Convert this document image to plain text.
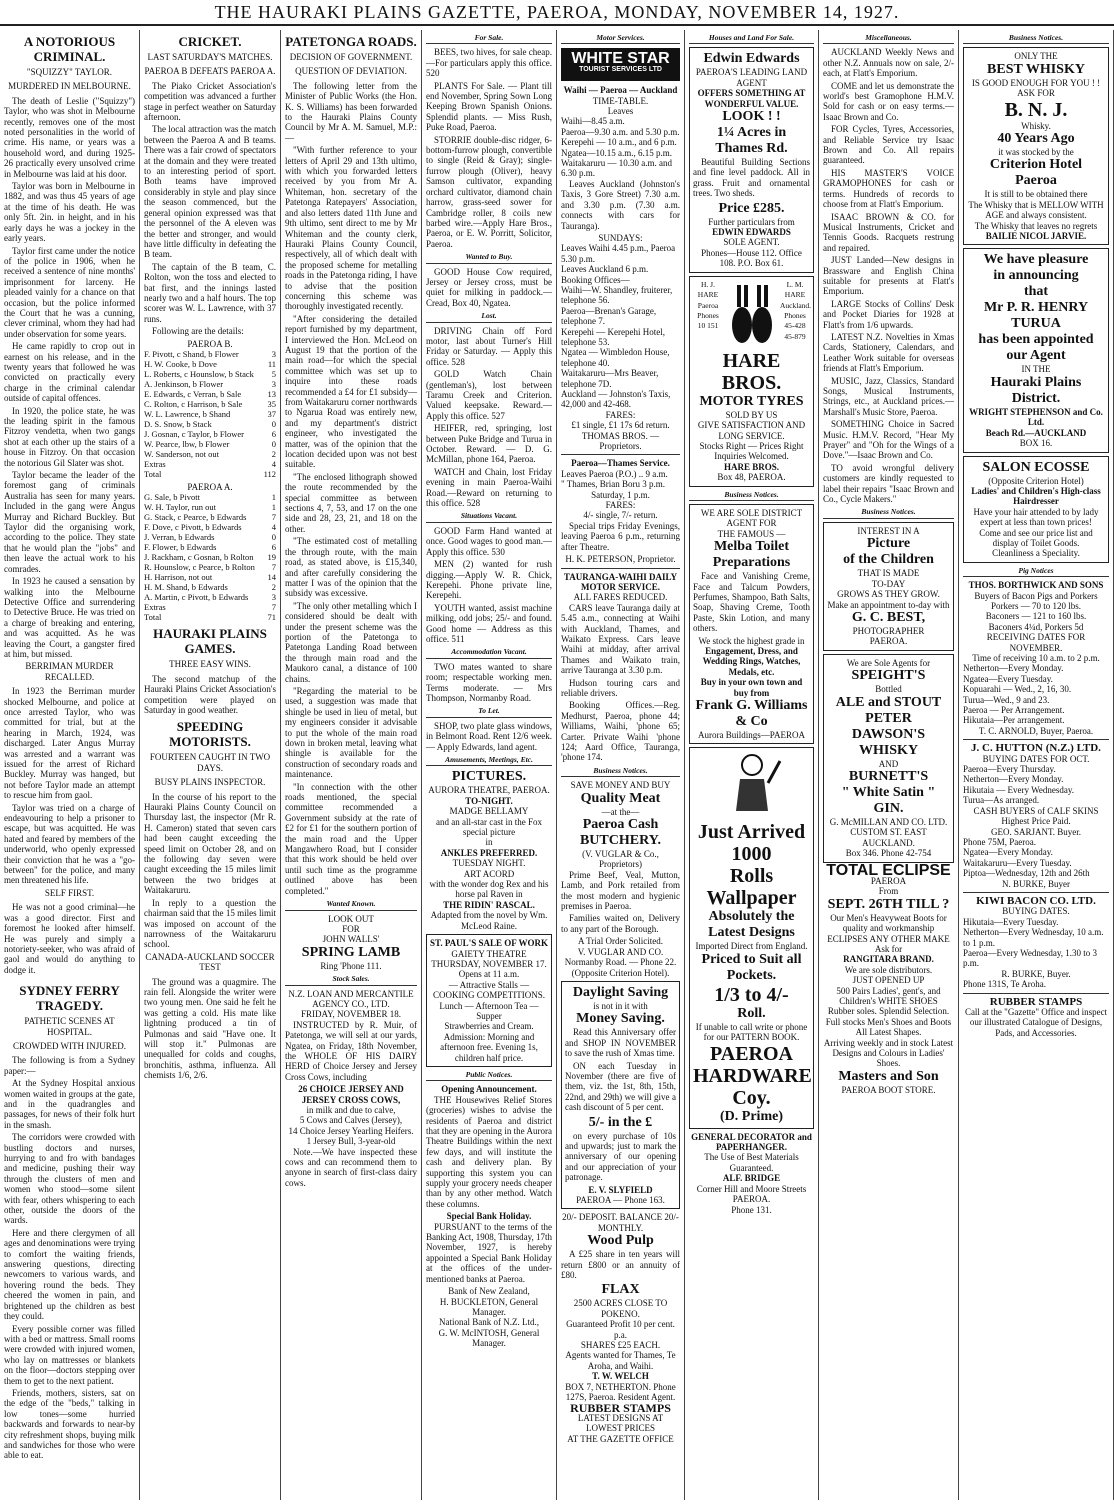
THE HAURAKI PLAINS GAZETTE, PAEROA, MONDAY, NOVEMBER 14, 1927.
A NOTORIOUS CRIMINAL.
"SQUIZZY" TAYLOR.
MURDERED IN MELBOURNE.

The death of Leslie ("Squizzy") Taylor, who was shot in Melbourne recently, removes one of the most noted personalities in the world of crime. His name, or years was a household word, and during 1925-26 practically every unsolved crime in Melbourne was laid at his door.

Taylor was born in Melbourne in 1882, and was thus 45 years of age at the time of his death. He was only 5ft. 2in. in height, and in his early days he was a jockey in the early years.

Taylor first came under the notice of the police in 1906, when he received a sentence of nine months' imprisonment for larceny. He pleaded vainly for a chance on that occasion, but the police informed the Court that he was a cunning, clever criminal, whom they had had under observation for some years.

He came rapidly to crop out in earnest on his release, and in the twenty years that followed he was convicted on practically every charge in the criminal calendar outside of capital offences.

In 1920, the police state, he was the leading spirit in the famous Fitzroy vendetta, when two gangs shot at each other up the stairs of a house in Fitzroy. On that occasion the notorious Gil Slater was shot.

Taylor became the leader of the foremost gang of criminals Australia has seen for many years. Included in the gang were Angus Murray and Richard Buckley. But Taylor did the organising work, according to the police. They state that he would plan the "jobs" and then leave the actual work to his comrades.

In 1923 he caused a sensation by walking into the Melbourne Detective Office and surrendering to Detective Bruce. He was tried on a charge of breaking and entering, and was acquitted. As he was leaving the Court, a gangster fired at him, but missed.

BERRIMAN MURDER RECALLED.

In 1923 the Berriman murder shocked Melbourne, and police at once arrested Taylor, who was committed for trial, but at the hearing in March, 1924, was discharged. Later Angus Murray was arrested and a warrant was issued for the arrest of Richard Buckley. Murray was hanged, but not before Taylor made an attempt to rescue him from gaol.

Taylor was tried on a charge of endeavouring to help a prisoner to escape, but was acquitted. He was hated and feared by members of the underworld, who openly expressed their conviction that he was a "go-between" for the police, and many men threatened his life.

SELF FIRST.

He was not a good criminal—he was a good director. First and foremost he looked after himself. He was purely and simply a notoriety-seeker, who was afraid of gaol and would do anything to dodge it.

SYDNEY FERRY TRAGEDY.
PATHETIC SCENES AT HOSPITAL.
CROWDED WITH INJURED.

The following is from a Sydney paper:—

At the Sydney Hospital anxious women waited in groups at the gate, and in the quadrangles and passages, for news of their folk hurt in the smash.

The corridors were crowded with bustling doctors and nurses, hurrying to and fro with bandages and medicine, pushing their way through the clusters of men and women who stood—some silent with fear, others whispering to each other, outside the doors of the wards.

Here and there clergymen of all ages and denominations were trying to comfort the waiting friends, answering questions, directing newcomers to various wards, and hovering round the beds. They cheered the women in pain, and brightened up the children as best they could.

Every possible corner was filled with a bed or mattress. Small rooms were crowded with injured women, who lay on mattresses or blankets on the floor—doctors stepping over them to get to the next patient.

Friends, mothers, sisters, sat on the edge of the "beds," talking in low tones—some hurried backwards and forwards to near-by city refreshment shops, buying milk and sandwiches for those who were able to eat.

CRICKET.
LAST SATURDAY'S MATCHES.
PAEROA B DEFEATS PAEROA A.

The Piako Cricket Association's competition was advanced a further stage in perfect weather on Saturday afternoon.

The local attraction was the match between the Paeroa A and B teams. There was a fair crowd of spectators at the domain and they were treated to an interesting period of sport. Both teams have improved considerably in style and play since the season commenced, but the general opinion expressed was that the personnel of the A eleven was the better and stronger, and would have little difficulty in defeating the B team.

The captain of the B team, C. Rolton, won the toss and elected to bat first, and the innings lasted nearly two and a half hours. The top scorer was W. L. Lawrence, with 37 runs.

Following are the details:

PAEROA B.
F. Pivott, c Shand, b Flower	3
H. W. Cooke, b Dove	11
L. Roberts, c Hounslow, b Stack	5
A. Jenkinson, b Flower	3
E. Edwards, c Verran, b Sale	13
C. Rolton, c Harrison, b Sale	35
W. L. Lawrence, b Shand	37
D. S. Snow, b Stack	0
J. Gosnan, c Taylor, b Flower	6
W. Pearce, lbw, b Flower	0
W. Sanderson, not out	2
Extras	4
Total	112
PAEROA A.
G. Sale, b Pivott	1
W. H. Taylor, run out	1
G. Stack, c Pearce, b Edwards	7
F. Dove, c Pivott, b Edwards	4
J. Verran, b Edwards	0
F. Flower, b Edwards	6
J. Rackham, c Gosnan, b Rolton	19
R. Hounslow, c Pearce, b Rolton	7
H. Harrison, not out	14
H. M. Shand, b Edwards	2
A. Martin, c Pivott, b Edwards	3
Extras	7
Total	71
HAURAKI PLAINS GAMES.
THREE EASY WINS.

The second matchup of the Hauraki Plains Cricket Association's competition were played on Saturday in good weather.

SPEEDING MOTORISTS.
FOURTEEN CAUGHT IN TWO DAYS.
BUSY PLAINS INSPECTOR.

In the course of his report to the Hauraki Plains County Council on Thursday last, the inspector (Mr R. H. Cameron) stated that seven cars had been caught exceeding the speed limit on October 28, and on the following day seven were caught exceeding the 15 miles limit between the two bridges at Waitakaruru.

In reply to a question the chairman said that the 15 miles limit was imposed on account of the narrowness of the Waitakaruru school.

CANADA-AUCKLAND SOCCER TEST

The ground was a quagmire. The rain fell. Alongside the writer were two young men. One said he felt he was getting a cold. His mate like lightning produced a tin of Pulmonas and said "Have one. It will stop it." Pulmonas are unequalled for colds and coughs, bronchitis, asthma, influenza. All chemists 1/6, 2/6.

PATETONGA ROADS.
DECISION OF GOVERNMENT.
QUESTION OF DEVIATION.

The following letter from the Minister of Public Works (the Hon. K. S. Williams) has been forwarded to the Hauraki Plains County Council by Mr A. M. Samuel, M.P.:—

"With further reference to your letters of April 29 and 13th ultimo, with which you forwarded letters received by you from Mr A. Whiteman, hon. secretary of the Patetonga Ratepayers' Association, and also letters dated 11th June and 9th ultimo, sent direct to me by Mr Whiteman and the county clerk, Hauraki Plains County Council, respectively, all of which dealt with the proposed scheme for metalling roads in the Patetonga riding, I have to advise that the position concerning this scheme was thoroughly investigated recently.

"After considering the detailed report furnished by my department, I interviewed the Hon. McLeod on August 19 that the portion of the main road—for which the special committee which was set up to inquire into these roads recommended a £4 for £1 subsidy—from Waitakaruru corner northwards to Ngarua Road was entirely new, and my department's district engineer, who investigated the matter, was of the opinion that the location decided upon was not best suitable.

"The enclosed lithograph showed the route recommended by the special committee as between sections 4, 7, 53, and 17 on the one side and 28, 23, 21, and 18 on the other.

"The estimated cost of metalling the through route, with the main road, as stated above, is £15,340, and after carefully considering the matter I was of the opinion that the subsidy was excessive.

"The only other metalling which I considered should be dealt with under the present scheme was the portion of the Patetonga to Patetonga Landing Road between the through main road and the Maukoro canal, a distance of 100 chains.

"Regarding the material to be used, a suggestion was made that shingle be used in lieu of metal, but my engineers consider it advisable to put the whole of the main road down in broken metal, leaving what shingle is available for the construction of secondary roads and maintenance.

"In connection with the other roads mentioned, the special committee recommended a Government subsidy at the rate of £2 for £1 for the southern portion of the main road and the Upper Mangawhero Road, but I consider that this work should be held over until such time as the programme outlined above has been completed."

Wanted Known.
LOOK OUT
FOR
JOHN WALLS'
SPRING LAMB
Ring 'Phone 111.
Stock Sales.
N.Z. LOAN AND MERCANTILE AGENCY CO., LTD.
FRIDAY, NOVEMBER 18.

INSTRUCTED by R. Muir, of Patetonga, we will sell at our yards, Ngatea, on Friday, 18th November, the WHOLE OF HIS DAIRY HERD of Choice Jersey and Jersey Cross Cows, including

26 CHOICE JERSEY AND JERSEY CROSS COWS,
in milk and due to calve,
5 Cows and Calves (Jersey),
14 Choice Jersey Yearling Heifers.
1 Jersey Bull, 3-year-old

Note.—We have inspected these cows and can recommend them to anyone in search of first-class dairy cows.

For Sale.

BEES, two hives, for sale cheap. —For particulars apply this office. 520

PLANTS For Sale. — Plant till end November, Spring Sown Long Keeping Brown Spanish Onions. Splendid plants. — Miss Rush, Puke Road, Paeroa.

STORRIE double-disc ridger, 6-bottom-furrow plough, convertible to single (Reid & Gray); single-furrow plough (Oliver), heavy Samson cultivator, expanding orchard cultivator, diamond chain harrow, grass-seed sower for Cambridge roller, 8 coils new barbed wire.—Apply Hare Bros., Paeroa, or E. W. Porritt, Solicitor, Paeroa.

Wanted to Buy.

GOOD House Cow required, Jersey or Jersey cross, must be quiet for milking in paddock.—Cread, Box 40, Ngatea.

Lost.

DRIVING Chain off Ford motor, last about Turner's Hill Friday or Saturday. — Apply this office. 528

GOLD Watch Chain (gentleman's), lost between Taramu Creek and Criterion. Valued keepsake. Reward.—Apply this office. 527

HEIFER, red, springing, lost between Puke Bridge and Turua in October. Reward. — D. G. McMillan, phone 164, Paeroa.

WATCH and Chain, lost Friday evening in main Paeroa-Waihi Road.—Reward on returning to this office. 528

Situations Vacant.

GOOD Farm Hand wanted at once. Good wages to good man.—Apply this office. 530

MEN (2) wanted for rush digging.—Apply W. R. Chick, Kerepehi. Phone private line, Kerepehi.

YOUTH wanted, assist machine milking, odd jobs; 25/- and found. Good home — Address as this office. 511

Accommodation Vacant.

TWO mates wanted to share room; respectable working men. Terms moderate. — Mrs Thompson, Normanby Road.

To Let.

SHOP, two plate glass windows, in Belmont Road. Rent 12/6 week. — Apply Edwards, land agent.

Amusements, Meetings, Etc.
PICTURES.
AURORA THEATRE, PAEROA.
TO-NIGHT.
MADGE BELLAMY
and an all-star cast in the Fox special picture
in
ANKLES PREFERRED.
TUESDAY NIGHT.
ART ACORD
with the wonder dog Rex and his horse pal Raven in
THE RIDIN' RASCAL.
Adapted from the novel by Wm. McLeod Raine.
ST. PAUL'S SALE OF WORK
GAIETY THEATRE
THURSDAY, NOVEMBER 17.
Opens at 11 a.m.
— Attractive Stalls —
COOKING COMPETITIONS.
Lunch — Afternoon Tea — Supper
Strawberries and Cream.
Admission: Morning and afternoon free. Evening 1s, children half price.
Public Notices.
Opening Announcement.

THE Housewives Relief Stores (groceries) wishes to advise the residents of Paeroa and district that they are opening in the Aurora Theatre Buildings within the next few days, and will institute the cash and delivery plan. By supporting this system you can supply your grocery needs cheaper than by any other method. Watch these columns.

Special Bank Holiday.

PURSUANT to the terms of the Banking Act, 1908, Thursday, 17th November, 1927, is hereby appointed a Special Bank Holiday at the offices of the under-mentioned banks at Paeroa.

Bank of New Zealand,
H. BUCKLETON, General Manager.
National Bank of N.Z. Ltd.,
G. W. McINTOSH, General Manager.
Motor Services.
WHITE STAR
TOURIST SERVICES LTD
Waihi — Paeroa — Auckland
TIME-TABLE.
Leaves
Waihi—8.45 a.m.
Paeroa—9.30 a.m. and 5.30 p.m.
Kerepehi — 10 a.m., and 6 p.m.
Ngatea—10.15 a.m., 6.15 p.m.
Waitakaruru — 10.30 a.m. and 6.30 p.m.

Leaves Auckland (Johnston's Taxis, 3 Gore Street) 7.30 a.m. and 3.30 p.m. (7.30 a.m. connects with cars for Tauranga).

SUNDAYS:
Leaves Waihi 4.45 p.m., Paeroa 5.30 p.m.
Leaves Auckland 6 p.m.
Booking Offices—
Waihi—W. Shandley, fruiterer, telephone 56.
Paeroa—Brenan's Garage, telephone 7.
Kerepehi — Kerepehi Hotel, telephone 53.
Ngatea — Wimbledon House, telephone 40.
Waitakaruru—Mrs Beaver, telephone 7D.
Auckland — Johnston's Taxis, 42,000 and 42-468.
FARES:
£1 single, £1 17s 6d return.
THOMAS BROS. — Proprietors.
Paeroa—Thames Service.
Leaves Paeroa (P.O.) .. 9 a.m.
" Thames, Brian Boru 3 p.m.
Saturday, 1 p.m.
FARES:
4/- single, 7/- return.

Special trips Friday Evenings, leaving Paeroa 6 p.m., returning after Theatre.

H. K. PETERSON, Proprietor.
TAURANGA-WAIHI DAILY MOTOR SERVICE.
ALL FARES REDUCED.

CARS leave Tauranga daily at 5.45 a.m., connecting at Waihi with Auckland, Thames, and Waikato Express. Cars leave Waihi at midday, after arrival Thames and Waikato train, arrive Tauranga at 3.30 p.m.

Hudson touring cars and reliable drivers.

Booking Offices.—Reg. Medhurst, Paeroa, phone 44; Williams, Waihi, 'phone 65; Carter. Private Waihi 'phone 124; Aard Office, Tauranga, 'phone 174.

Business Notices.
SAVE MONEY AND BUY
Quality Meat
—at the—
Paeroa Cash BUTCHERY.
(V. VUGLAR & Co., Proprietors)

Prime Beef, Veal, Mutton, Lamb, and Pork retailed from the most modern and hygienic premises in Paeroa.

Families waited on, Delivery to any part of the Borough.

A Trial Order Solicited.
V. VUGLAR AND CO.
Normanby Road. — Phone 22. (Opposite Criterion Hotel).
Daylight Saving
is not in it with
Money Saving.

Read this Anniversary offer and SHOP IN NOVEMBER to save the rush of Xmas time.

ON each Tuesday in November (there are five of them, viz. the 1st, 8th, 15th, 22nd, and 29th) we will give a cash discount of 5 per cent.

5/- in the £

on every purchase of 10s and upwards; just to mark the anniversary of our opening and our appreciation of your patronage.

E. V. SLYFIELD
PAEROA — Phone 163.
20/- DEPOSIT. BALANCE 20/- MONTHLY.
Wood Pulp

A £25 share in ten years will return £800 or an annuity of £80.

FLAX
2500 ACRES CLOSE TO POKENO.
Guaranteed Profit 10 per cent. p.a.
SHARES £25 EACH.
Agents wanted for Thames, Te Aroha, and Waihi.
T. W. WELCH
BOX 7, NETHERTON. Phone 127S, Paeroa. Resident Agent.
RUBBER STAMPS
LATEST DESIGNS AT LOWEST PRICES
AT THE GAZETTE OFFICE
Houses and Land For Sale.
Edwin Edwards
PAEROA'S LEADING LAND AGENT
OFFERS SOMETHING AT WONDERFUL VALUE.
LOOK ! !
1¼ Acres in Thames Rd.

Beautiful Building Sections and fine level paddock. All in grass. Fruit and ornamental trees. Two sheds.

Price £285.
Further particulars from
EDWIN EDWARDS
SOLE AGENT.
Phones—House 112. Office 108. P.O. Box 61.
H. J. HARE Paeroa Phones 10 151
L. M. HARE Auckland. Phones 45-428 45-879
HARE BROS.
MOTOR TYRES
SOLD BY US
GIVE SATISFACTION AND LONG SERVICE.
Stocks Right — Prices Right
Inquiries Welcomed.
HARE BROS.
Box 48, PAEROA.
Business Notices.
WE ARE SOLE DISTRICT AGENT FOR
THE FAMOUS —
Melba Toilet Preparations

Face and Vanishing Creme, Face and Talcum Powders, Perfumes, Shampoo, Bath Salts, Soap, Shaving Creme, Tooth Paste, Skin Lotion, and many others.

We stock the highest grade in
Engagement, Dress, and Wedding Rings, Watches, Medals, etc.
Buy in your own town and buy from
Frank G. Williams & Co
Aurora Buildings—PAEROA
Just Arrived
1000
Rolls
Wallpaper
Absolutely the Latest Designs
Imported Direct from England.
Priced to Suit all Pockets.
1/3 to 4/-
Roll.
If unable to call write or phone for our PATTERN BOOK.
PAEROA
HARDWARE
Coy.
(D. Prime)
GENERAL DECORATOR and PAPERHANGER.
The Use of Best Materials Guaranteed.
ALF. BRIDGE
Corner Hill and Moore Streets PAEROA.
Phone 131.
Miscellaneous.

AUCKLAND Weekly News and other N.Z. Annuals now on sale, 2/- each, at Flatt's Emporium.

COME and let us demonstrate the world's best Gramophone H.M.V. Sold for cash or on easy terms.—Isaac Brown and Co.

FOR Cycles, Tyres, Accessories, and Reliable Service try Isaac Brown and Co. All repairs guaranteed.

HIS MASTER'S VOICE GRAMOPHONES for cash or terms. Hundreds of records to choose from at Flatt's Emporium.

ISAAC BROWN & CO. for Musical Instruments, Cricket and Tennis Goods. Racquets restrung and repaired.

JUST Landed—New designs in Brassware and English China suitable for presents at Flatt's Emporium.

LARGE Stocks of Collins' Desk and Pocket Diaries for 1928 at Flatt's from 1/6 upwards.

LATEST N.Z. Novelties in Xmas Cards, Stationery, Calendars, and Leather Work suitable for overseas friends at Flatt's Emporium.

MUSIC, Jazz, Classics, Standard Songs, Musical Instruments, Strings, etc., at Auckland prices.—Marshall's Music Store, Paeroa.

SOMETHING Choice in Sacred Music. H.M.V. Record, "Hear My Prayer" and "Oh for the Wings of a Dove."—Isaac Brown and Co.

TO avoid wrongful delivery customers are kindly requested to label their repairs "Isaac Brown and Co., Cycle Makers."

Business Notices.
INTEREST IN A
Picture
of the Children
THAT IS MADE
TO-DAY
GROWS AS THEY GROW.
Make an appointment to-day with
G. C. BEST,
PHOTOGRAPHER
PAEROA.
We are Sole Agents for
SPEIGHT'S
Bottled
ALE and STOUT
PETER
DAWSON'S
WHISKY
AND
BURNETT'S
" White Satin "
GIN.
G. McMILLAN AND CO. LTD.
CUSTOM ST. EAST
AUCKLAND.
Box 346. Phone 42-754
TOTAL ECLIPSE
PAEROA
From
SEPT. 26TH TILL ?
Our Men's Heavyweat Boots for quality and workmanship
ECLIPSES ANY OTHER MAKE
Ask for
RANGITARA BRAND.
We are sole distributors.
JUST OPENED UP
500 Pairs Ladies', gent's, and Children's WHITE SHOES
Rubber soles. Splendid Selection.
Full stocks Men's Shoes and Boots All Latest Shapes.
Arriving weekly and in stock Latest Designs and Colours in Ladies' Shoes.
Masters and Son
PAEROA BOOT STORE.
Business Notices.
ONLY THE
BEST WHISKY
IS GOOD ENOUGH FOR YOU ! !
ASK FOR
B. N. J.
Whisky.
40 Years Ago
it was stocked by the
Criterion Hotel
Paeroa
It is still to be obtained there
The Whisky that is MELLOW WITH AGE and always consistent.
The Whisky that leaves no regrets
BAILIE NICOL JARVIE.
We have pleasure
in announcing
that
Mr P. R. HENRY TURUA
has been appointed our Agent
IN THE
Hauraki Plains District.
WRIGHT STEPHENSON and Co. Ltd.
Beach Rd.—AUCKLAND
BOX 16.
SALON ECOSSE
(Opposite Criterion Hotel)
Ladies' and Children's High-class Hairdresser
Have your hair attended to by lady expert at less than town prices!
Come and see our price list and display of Toilet Goods.
Cleanliness a Speciality.
Pig Notices
THOS. BORTHWICK AND SONS
Buyers of Bacon Pigs and Porkers
Porkers — 70 to 120 lbs.
Baconers — 121 to 160 lbs.
Baconers 4¼d, Porkers 5d
RECEIVING DATES FOR NOVEMBER.
Time of receiving 10 a.m. to 2 p.m.
Netherton—Every Monday.
Ngatea—Every Tuesday.
Kopuarahi — Wed., 2, 16, 30.
Turua—Wed., 9 and 23.
Paeroa — Per Arrangement.
Hikutaia—Per arrangement.
T. C. ARNOLD, Buyer, Paeroa.
J. C. HUTTON (N.Z.) LTD.
BUYING DATES FOR OCT.
Paeroa—Every Thursday.
Netherton—Every Monday.
Hikutaia — Every Wednesday.
Turua—As arranged.
CASH BUYERS of CALF SKINS
Highest Price Paid.
GEO. SARJANT. Buyer.
Phone 75M, Paeroa.
Ngatea—Every Monday.
Waitakaruru—Every Tuesday.
Piptoa—Wednesday, 12th and 26th
N. BURKE, Buyer
KIWI BACON CO. LTD.
BUYING DATES.
Hikutaia—Every Tuesday.
Netherton—Every Wednesday, 10 a.m. to 1 p.m.
Paeroa—Every Wednesday, 1.30 to 3 p.m.
R. BURKE, Buyer.
Phone 131S, Te Aroha.
RUBBER STAMPS
Call at the "Gazette" Office and inspect our illustrated Catalogue of Designs, Pads, and Accessories.
